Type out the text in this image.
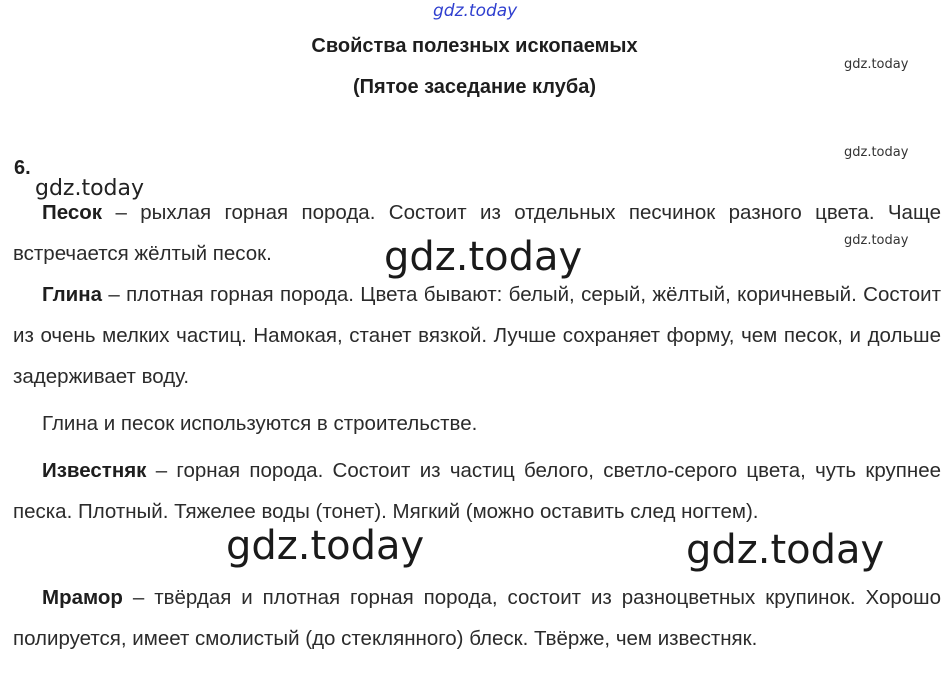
gdz.today
gdz.today
gdz.today
gdz.today
Свойства полезных ископаемых
(Пятое заседание клуба)
6.
Песок – рыхлая горная порода. Состоит из отдельных песчинок разного цвета. Чаще встречается жёлтый песок.
Глина – плотная горная порода. Цвета бывают: белый, серый, жёлтый, коричневый. Состоит из очень мелких частиц. Намокая, станет вязкой. Лучше сохраняет форму, чем песок, и дольше задерживает воду.
Глина и песок используются в строительстве.
Известняк – горная порода. Состоит из частиц белого, светло-серого цвета, чуть крупнее песка. Плотный. Тяжелее воды (тонет). Мягкий (можно оставить след ногтем).
Мрамор – твёрдая и плотная горная порода, состоит из разноцветных крупинок. Хорошо полируется, имеет смолистый (до стеклянного) блеск. Твёрже, чем известняк.
gdz.today
gdz.today
gdz.today	gdz.today
